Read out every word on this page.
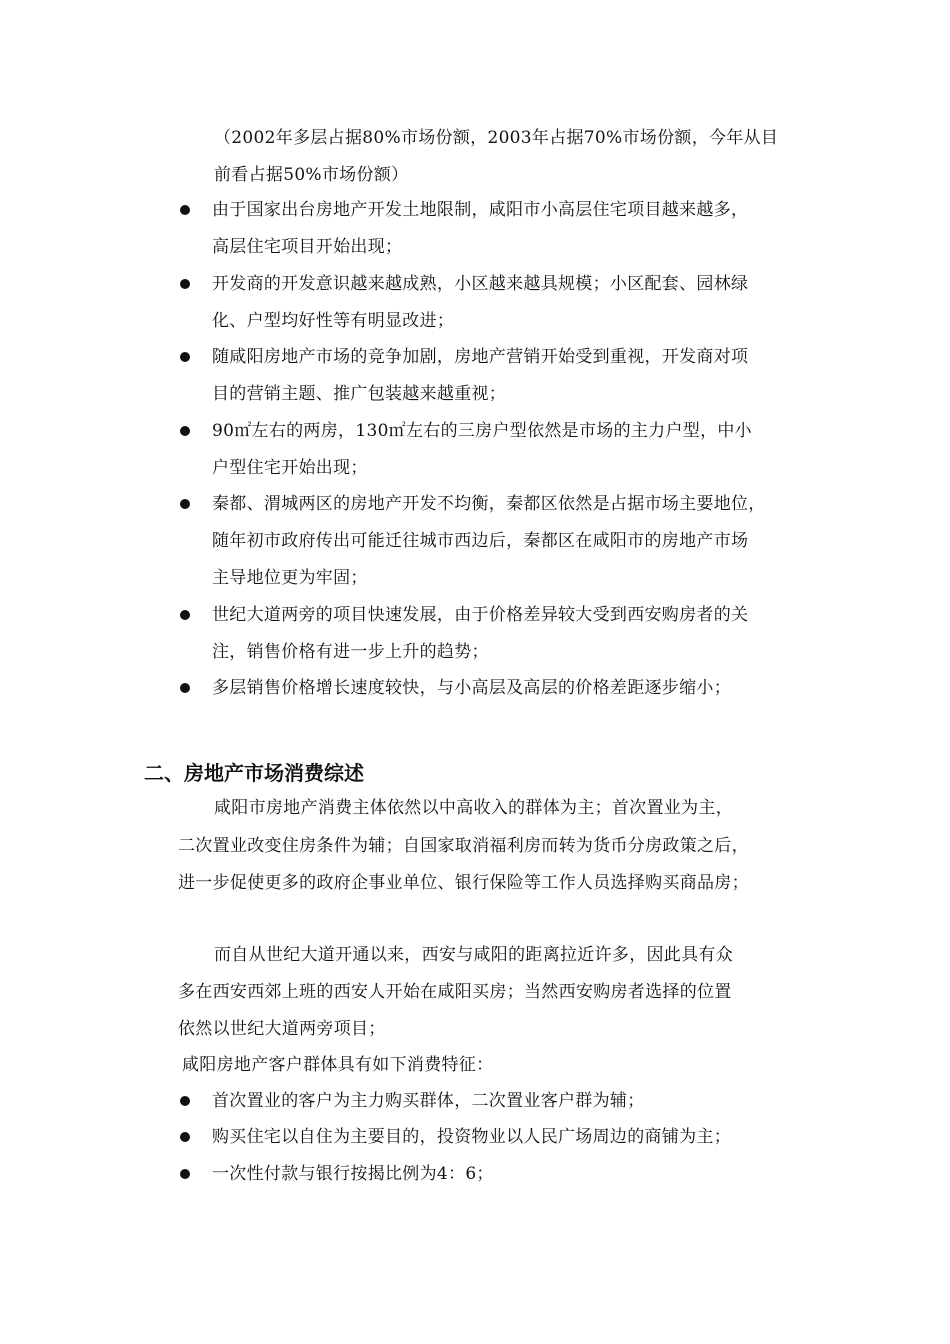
（2002年多层占据80%市场份额，2003年占据70%市场份额，今年从目
前看占据50%市场份额）
由于国家出台房地产开发土地限制，咸阳市小高层住宅项目越来越多，
高层住宅项目开始出现；
开发商的开发意识越来越成熟，小区越来越具规模；小区配套、园林绿
化、户型均好性等有明显改进；
随咸阳房地产市场的竞争加剧，房地产营销开始受到重视，开发商对项
目的营销主题、推广包装越来越重视；
90㎡左右的两房，130㎡左右的三房户型依然是市场的主力户型，中小
户型住宅开始出现；
秦都、渭城两区的房地产开发不均衡，秦都区依然是占据市场主要地位，
随年初市政府传出可能迁往城市西边后，秦都区在咸阳市的房地产市场
主导地位更为牢固；
世纪大道两旁的项目快速发展，由于价格差异较大受到西安购房者的关
注，销售价格有进一步上升的趋势；
多层销售价格增长速度较快，与小高层及高层的价格差距逐步缩小；
二、房地产市场消费综述
咸阳市房地产消费主体依然以中高收入的群体为主；首次置业为主，
二次置业改变住房条件为辅；自国家取消福利房而转为货币分房政策之后，
进一步促使更多的政府企事业单位、银行保险等工作人员选择购买商品房；
而自从世纪大道开通以来，西安与咸阳的距离拉近许多，因此具有众
多在西安西郊上班的西安人开始在咸阳买房；当然西安购房者选择的位置
依然以世纪大道两旁项目；
咸阳房地产客户群体具有如下消费特征：
首次置业的客户为主力购买群体，二次置业客户群为辅；
购买住宅以自住为主要目的，投资物业以人民广场周边的商铺为主；
一次性付款与银行按揭比例为4：6；
